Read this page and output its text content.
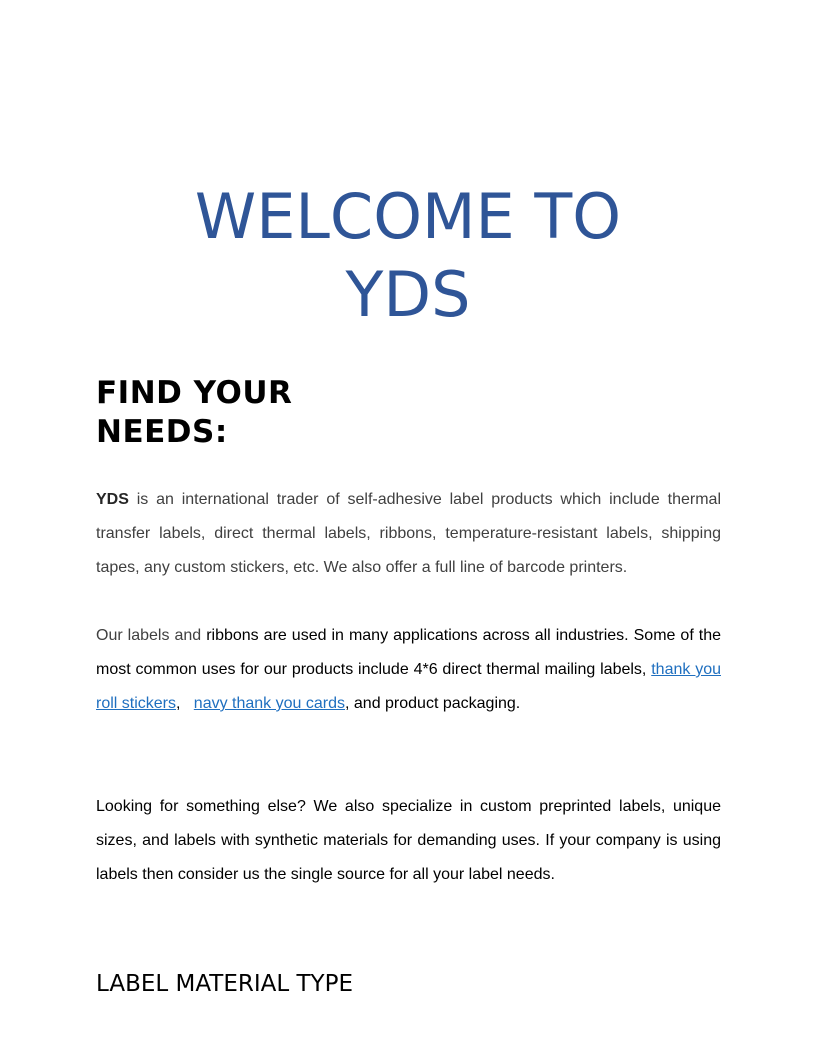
WELCOME TO
YDS
FIND YOUR
NEEDS:

YDS is an international trader of self-adhesive label products which include thermal transfer labels, direct thermal labels, ribbons, temperature-resistant labels, shipping tapes, any custom stickers, etc. We also offer a full line of barcode printers.

Our labels and ribbons are used in many applications across all industries. Some of the most common uses for our products include 4*6 direct thermal mailing labels, thank you roll stickers,   navy thank you cards, and product packaging.

Looking for something else? We also specialize in custom preprinted labels, unique sizes, and labels with synthetic materials for demanding uses. If your company is using labels then consider us the single source for all your label needs.

LABEL MATERIAL TYPE
